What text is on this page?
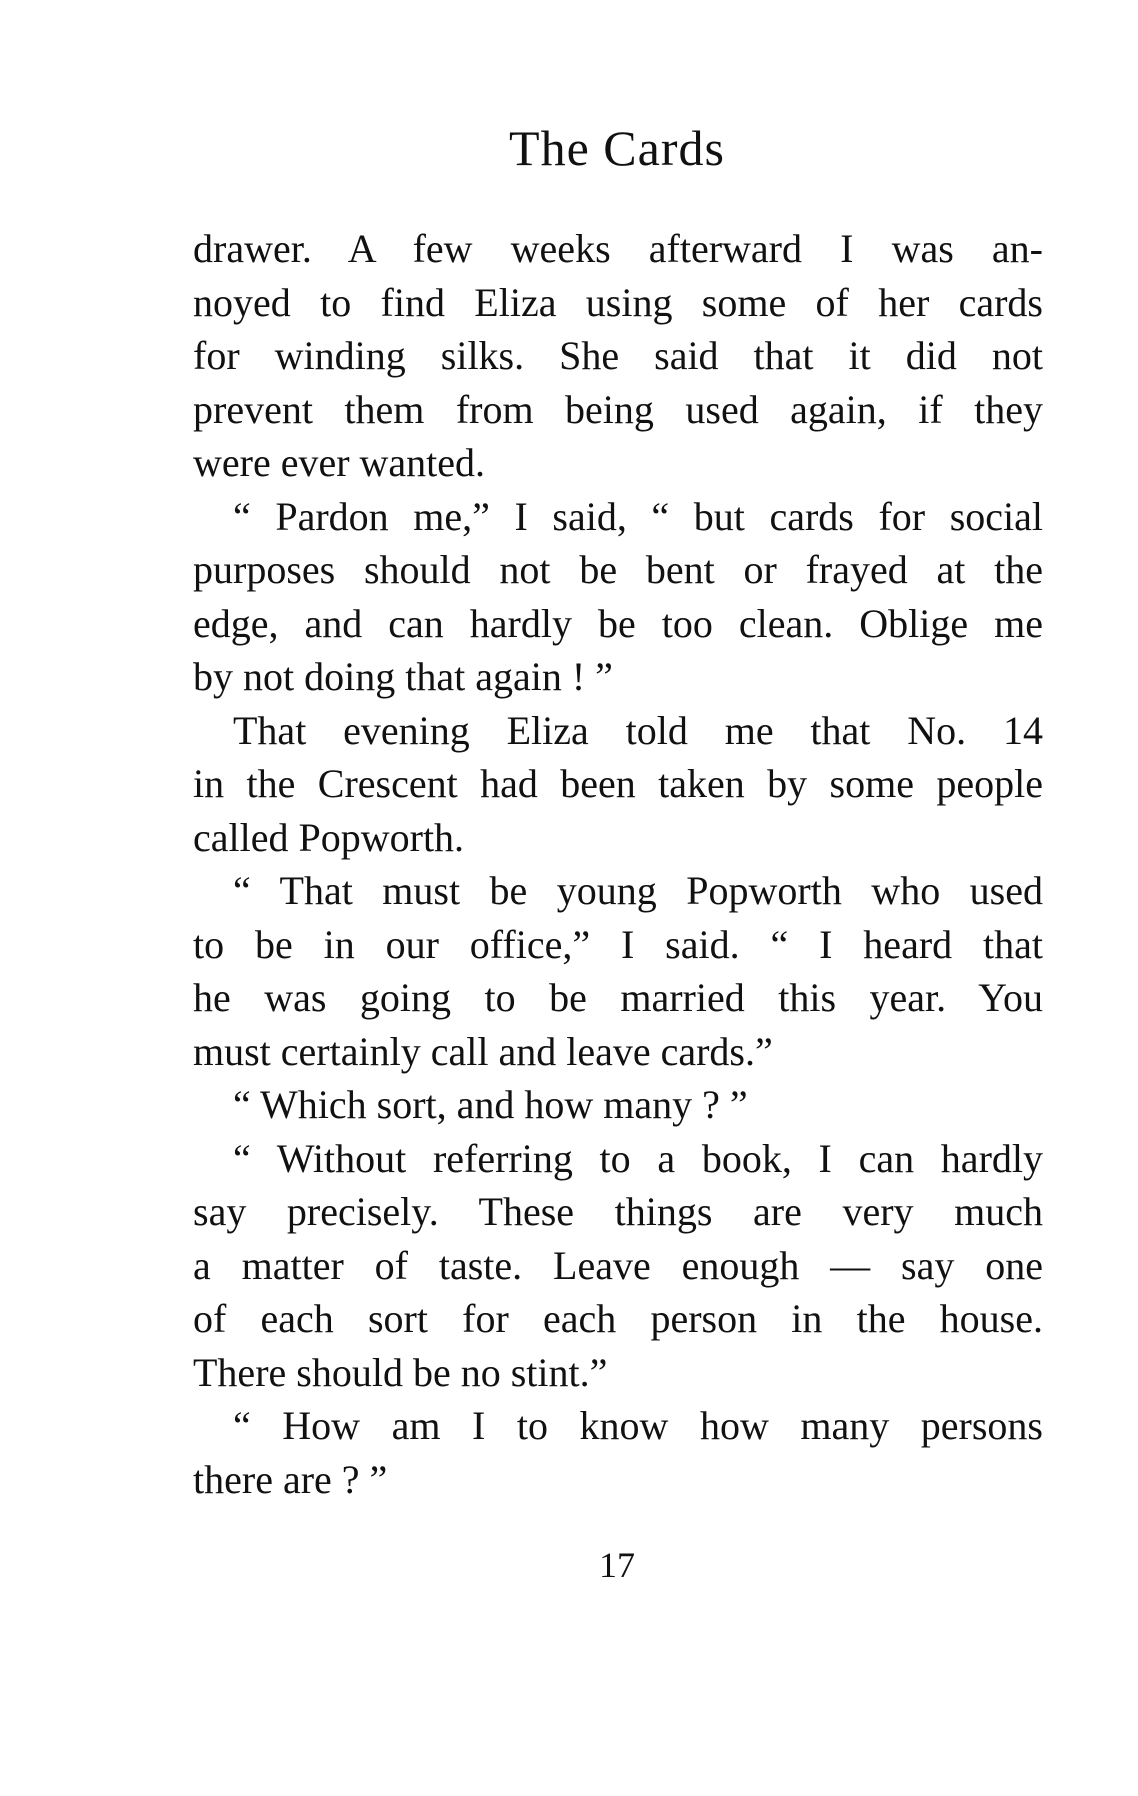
The Cards
drawer. A few weeks afterward I was an-
noyed to find Eliza using some of her cards
for winding silks. She said that it did not
prevent them from being used again, if they
were ever wanted.
“ Pardon me,” I said, “ but cards for social
purposes should not be bent or frayed at the
edge, and can hardly be too clean. Oblige me
by not doing that again ! ”
That evening Eliza told me that No. 14
in the Crescent had been taken by some people
called Popworth.
“ That must be young Popworth who used
to be in our office,” I said. “ I heard that
he was going to be married this year. You
must certainly call and leave cards.”
“ Which sort, and how many ? ”
“ Without referring to a book, I can hardly
say precisely. These things are very much
a matter of taste. Leave enough — say one
of each sort for each person in the house.
There should be no stint.”
“ How am I to know how many persons
there are ? ”
17
